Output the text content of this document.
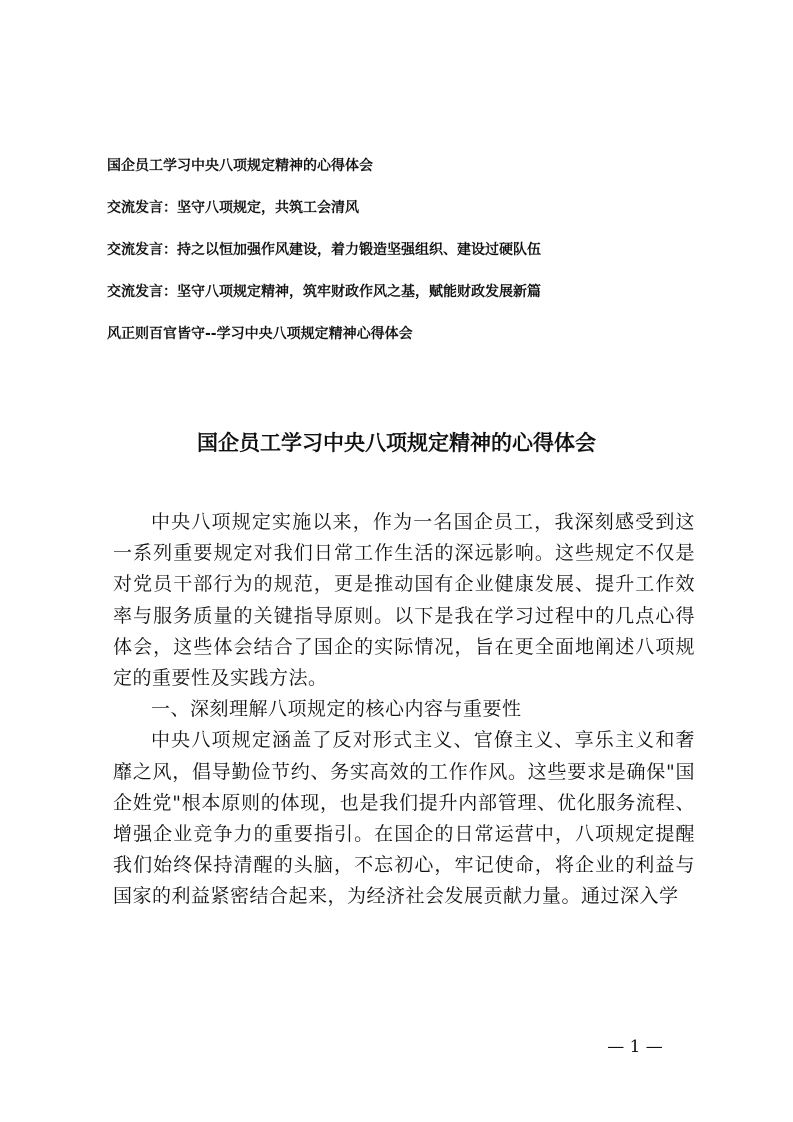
国企员工学习中央八项规定精神的心得体会
交流发言：坚守八项规定，共筑工会清风
交流发言：持之以恒加强作风建设，着力锻造坚强组织、建设过硬队伍
交流发言：坚守八项规定精神，筑牢财政作风之基，赋能财政发展新篇
风正则百官皆守--学习中央八项规定精神心得体会
国企员工学习中央八项规定精神的心得体会

中央八项规定实施以来，作为一名国企员工，我深刻感受到这一系列重要规定对我们日常工作生活的深远影响。这些规定不仅是对党员干部行为的规范，更是推动国有企业健康发展、提升工作效率与服务质量的关键指导原则。以下是我在学习过程中的几点心得体会，这些体会结合了国企的实际情况，旨在更全面地阐述八项规定的重要性及实践方法。

一、深刻理解八项规定的核心内容与重要性

中央八项规定涵盖了反对形式主义、官僚主义、享乐主义和奢靡之风，倡导勤俭节约、务实高效的工作作风。这些要求是确保"国企姓党"根本原则的体现，也是我们提升内部管理、优化服务流程、增强企业竞争力的重要指引。在国企的日常运营中，八项规定提醒我们始终保持清醒的头脑，不忘初心，牢记使命，将企业的利益与国家的利益紧密结合起来，为经济社会发展贡献力量。通过深入学

— 1 —
